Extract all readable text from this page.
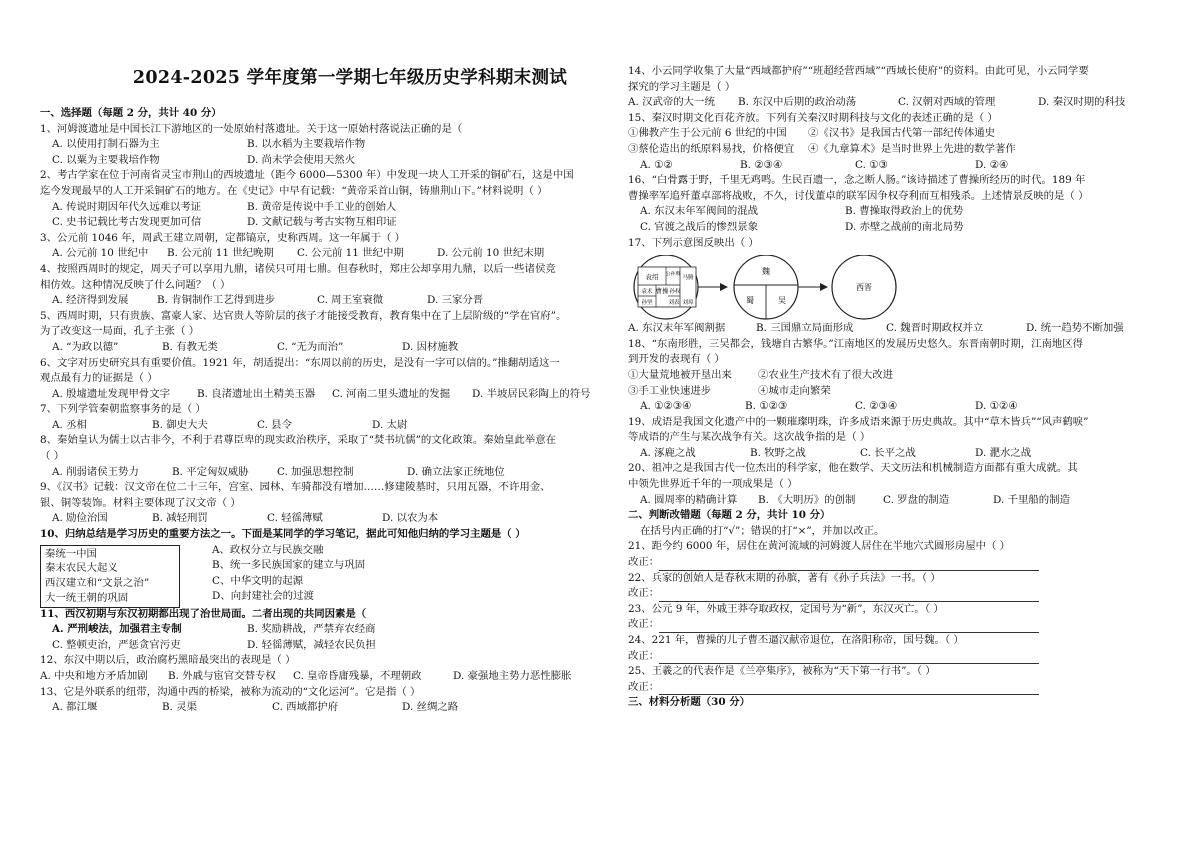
2024-2025 学年度第一学期七年级历史学科期末测试
一、选择题（每题 2 分，共计 40 分）
1、河姆渡遗址是中国长江下游地区的一处原始村落遗址。关于这一原始村落说法正确的是（
A. 以使用打制石器为主	B. 以水稻为主要栽培作物
C. 以粟为主要栽培作物	D. 尚未学会使用天然火
2、考古学家在位于河南省灵宝市荆山的西坡遗址（距今 6000—5300 年）中发现一块人工开采的铜矿石，这是中国
迄今发现最早的人工开采铜矿石的地方。在《史记》中早有记载：“黄帝采首山铜，铸鼎荆山下。”材料说明（ ）
A. 传说时期因年代久远难以考证	B. 黄帝是传说中手工业的创始人
C. 史书记载比考古发现更加可信	D. 文献记载与考古实物互相印证
3、公元前 1046 年，周武王建立周朝，定都镐京，史称西周。这一年属于（ ）
A. 公元前 10 世纪中	B. 公元前 11 世纪晚期	C. 公元前 11 世纪中期	D. 公元前 10 世纪末期
4、按照西周时的规定，周天子可以享用九鼎，诸侯只可用七鼎。但春秋时，郑庄公却享用九鼎，以后一些诸侯竞
相仿效。这种情况反映了什么问题？（ ）
A. 经济得到发展	B. 肯铜制作工艺得到进步	C. 周王室衰微	D. 三家分晋
5、西周时期，只有贵族、富豪人家、达官贵人等阶层的孩子才能接受教育，教育集中在了上层阶级的“学在官府”。
为了改变这一局面，孔子主张（ ）
A. “为政以德”	B. 有教无类	C. “无为而治”	D. 因材施教
6、文字对历史研究具有重要价值。1921 年，胡适提出：“东周以前的历史，是没有一字可以信的。”推翻胡适这一
观点最有力的证据是（ ）
A. 殷墟遗址发现甲骨文字	B. 良渚遗址出土精美玉器	C. 河南二里头遗址的发掘	D. 半坡居民彩陶上的符号
7、下列学管秦朝监察事务的是（ ）
A. 丞相	B. 御史大夫	C. 县令	D. 太尉
8、秦始皇认为儒士以古非今，不利于君尊臣卑的现实政治秩序，采取了“焚书坑儒”的文化政策。秦始皇此举意在
（ ）
A. 削弱诸侯王势力	B. 平定匈奴威胁	C. 加强思想控制	D. 确立法家正统地位
9、《汉书》记载：汉文帝在位二十三年，宫室、园林、车骑都没有增加……修建陵墓时，只用瓦器，不许用金、
银、铜等装饰。材料主要体现了汉文帝（ ）
A. 励俭治国	B. 减轻刑罚	C. 轻徭薄赋	D. 以农为本
10、归纳总结是学习历史的重要方法之一。下面是某同学的学习笔记，据此可知他归纳的学习主题是（ ）
秦统一中国
秦末农民大起义
西汉建立和“文景之治”
大一统王朝的巩固
A、政权分立与民族交融
B、统一多民族国家的建立与巩固
C、中华文明的起源
D、向封建社会的过渡
11、西汉初期与东汉初期都出现了治世局面。二者出现的共同因素是（
A. 严刑峻法，加强君主专制	B. 奖励耕战，严禁弃农经商
C. 整顿吏治，严惩贪官污吏	D. 轻徭薄赋，减轻农民负担
12、东汉中期以后，政治腐朽黑暗最突出的表现是（ ）
A. 中央和地方矛盾加剧	B. 外戚与宦官交替专权	C. 皇帝昏庸残暴，不理朝政	D. 豪强地主势力恶性膨胀
13、它是外联系的纽带，沟通中西的桥梁，被称为流动的“文化运河”。它是指（ ）
A. 都江堰	B. 灵渠	C. 西域都护府	D. 丝绸之路
14、小云同学收集了大量“西域都护府”“班超经营西域”“西域长使府”的资料。由此可见，小云同学要
探究的学习主题是（ ）
A. 汉武帝的大一统	B. 东汉中后期的政治动荡	C. 汉朝对西域的管理	D. 秦汉时期的科技
15、秦汉时期文化百花齐放。下列有关秦汉时期科技与文化的表述正确的是（ ）
①佛教产生于公元前 6 世纪的中国	②《汉书》是我国古代第一部纪传体通史
③蔡伦造出的纸原料易找，价格便宜	④《九章算术》是当时世界上先进的数学著作
A. ①②	B. ②③④	C. ①③	D. ②④
16、“白骨露于野，千里无鸡鸣。生民百遗一，念之断人肠。”该诗描述了曹操所经历的时代。189 年
曹操率军追歼董卓部将战败，不久，讨伐董卓的联军因争权夺利而互相残杀。上述情景反映的是（ ）
A. 东汉末年军阀间的混战	B. 曹操取得政治上的优势
C. 官渡之战后的惨烈景象	D. 赤壁之战前的南北局势
17、下列示意图反映出（ ）
袁绍
曹操
袁术
刘表
孙坚
公孙瓒
刘璋
马腾
孙权
魏
蜀	吴
西晋
A. 东汉末年军阀割据	B. 三国鼎立局面形成	C. 魏晋时期政权并立	D. 统一趋势不断加强
18、“东南形胜，三吴都会，钱塘自古繁华。”江南地区的发展历史悠久。东晋南朝时期，江南地区得
到开发的表现有（ ）
①大量荒地被开垦出来	②农业生产技术有了很大改进
③手工业快速进步	④城市走向繁荣
A. ①②③④	B. ①②③	C. ②③④	D. ①②④
19、成语是我国文化遗产中的一颗璀璨明珠，许多成语来源于历史典故。其中“草木皆兵”“风声鹤唳”
等成语的产生与某次战争有关。这次战争指的是（ ）
A. 涿鹿之战	B. 牧野之战	C. 长平之战	D. 淝水之战
20、祖冲之是我国古代一位杰出的科学家，他在数学、天文历法和机械制造方面都有重大成就。其
中领先世界近千年的一项成果是（ ）
A. 圆周率的精确计算	B. 《大明历》的创制	C. 罗盘的制造	D. 千里船的制造
二、判断改错题（每题 2 分，共计 10 分）
在括号内正确的打“√”；错误的打“×”，并加以改正。
21、距今约 6000 年，居住在黄河流域的河姆渡人居住在半地穴式圆形房屋中（ ）
改正：
22、兵家的创始人是春秋末期的孙膑，著有《孙子兵法》一书。（ ）
改正：
23、公元 9 年，外戚王莽夺取政权，定国号为“新”，东汉灭亡。（ ）
改正：
24、221 年，曹操的儿子曹丕逼汉献帝退位，在洛阳称帝，国号魏。（ ）
改正：
25、王羲之的代表作是《兰亭集序》，被称为“天下第一行书”。（ ）
改正：
三、材料分析题（30 分）
